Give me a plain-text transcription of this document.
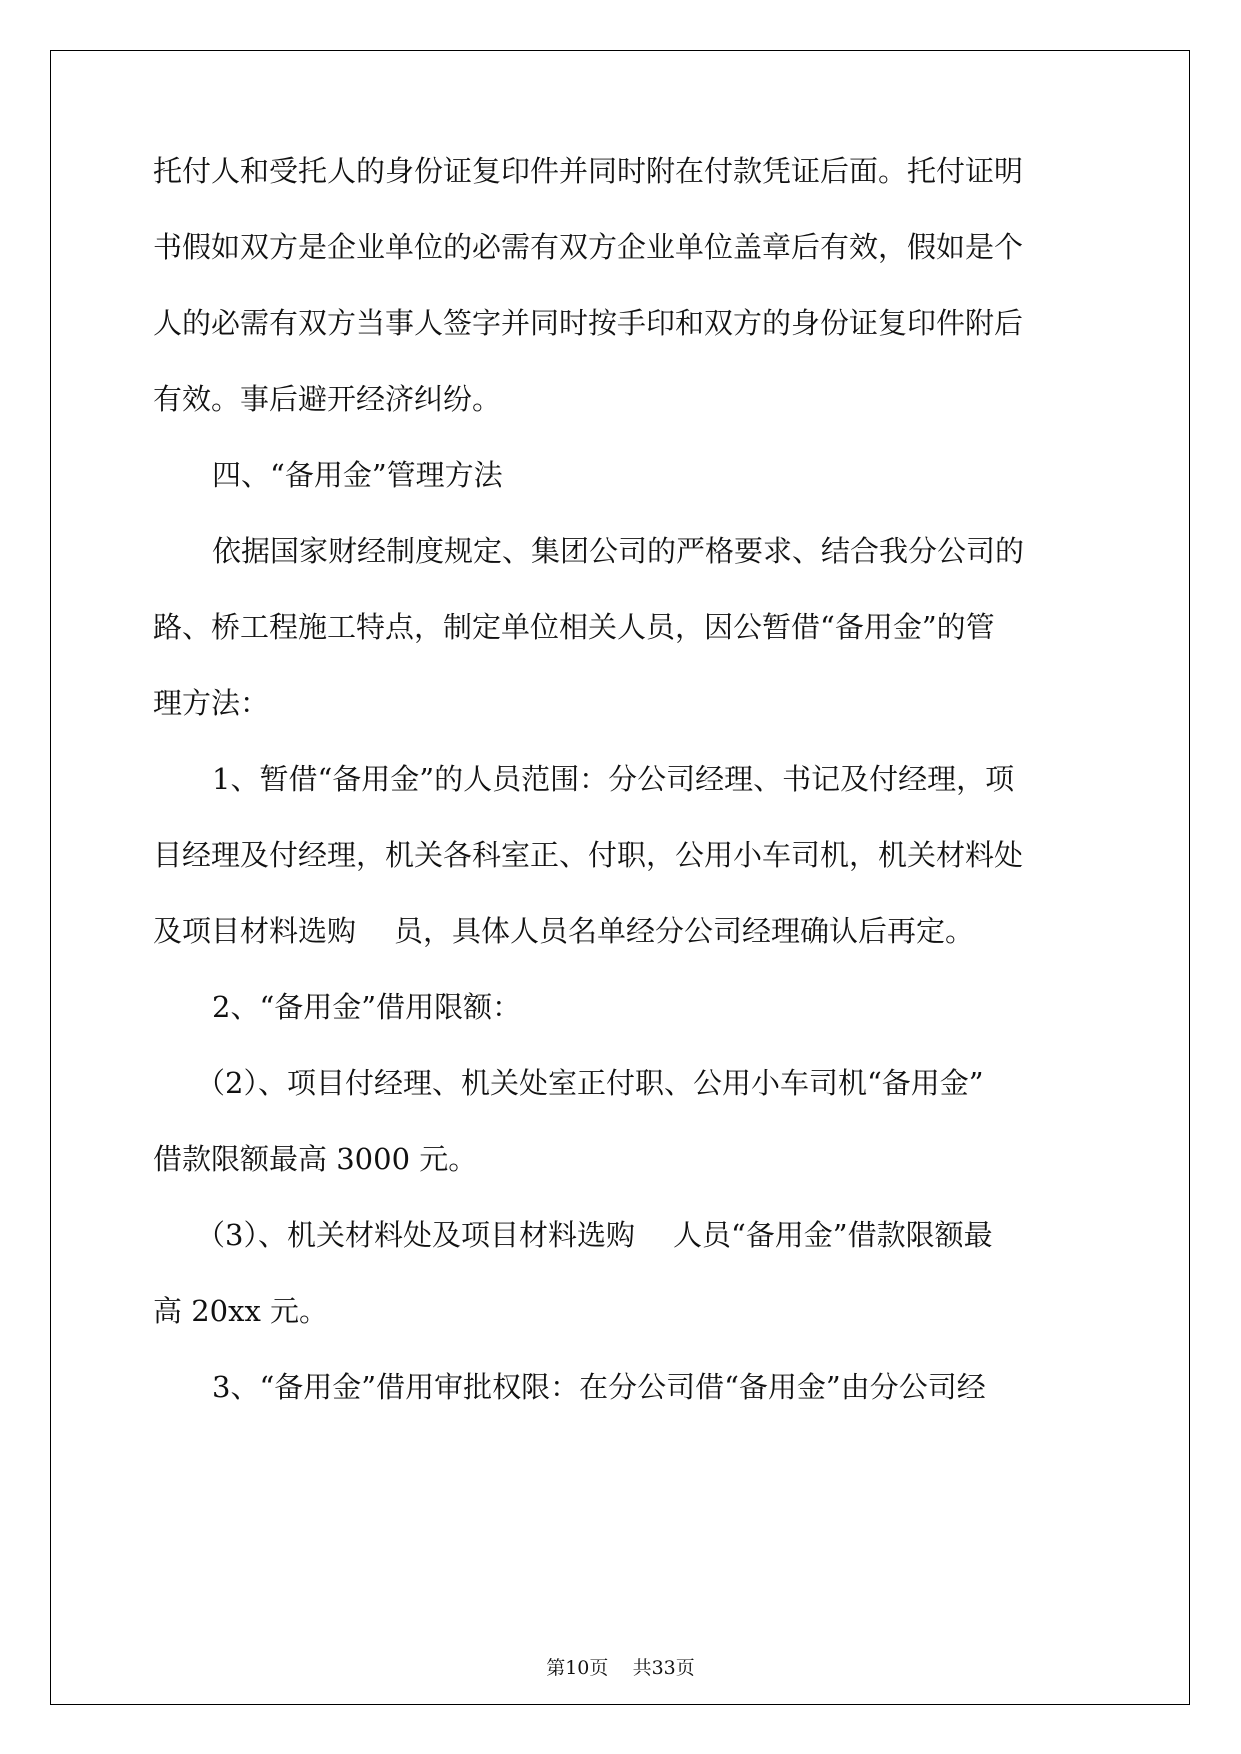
托付人和受托人的身份证复印件并同时附在付款凭证后面。托付证明

书假如双方是企业单位的必需有双方企业单位盖章后有效，假如是个

人的必需有双方当事人签字并同时按手印和双方的身份证复印件附后

有效。事后避开经济纠纷。

四、“备用金”管理方法

依据国家财经制度规定、集团公司的严格要求、结合我分公司的

路、桥工程施工特点，制定单位相关人员，因公暂借“备用金”的管

理方法：

1、暂借“备用金”的人员范围：分公司经理、书记及付经理，项

目经理及付经理，机关各科室正、付职，公用小车司机，机关材料处

及项目材料选购 员，具体人员名单经分公司经理确认后再定。

2、“备用金”借用限额：

（2）、项目付经理、机关处室正付职、公用小车司机“备用金”

借款限额最高 3000 元。

（3）、机关材料处及项目材料选购 人员“备用金”借款限额最

高 20xx 元。

3、“备用金”借用审批权限：在分公司借“备用金”由分公司经

第10页 共33页
